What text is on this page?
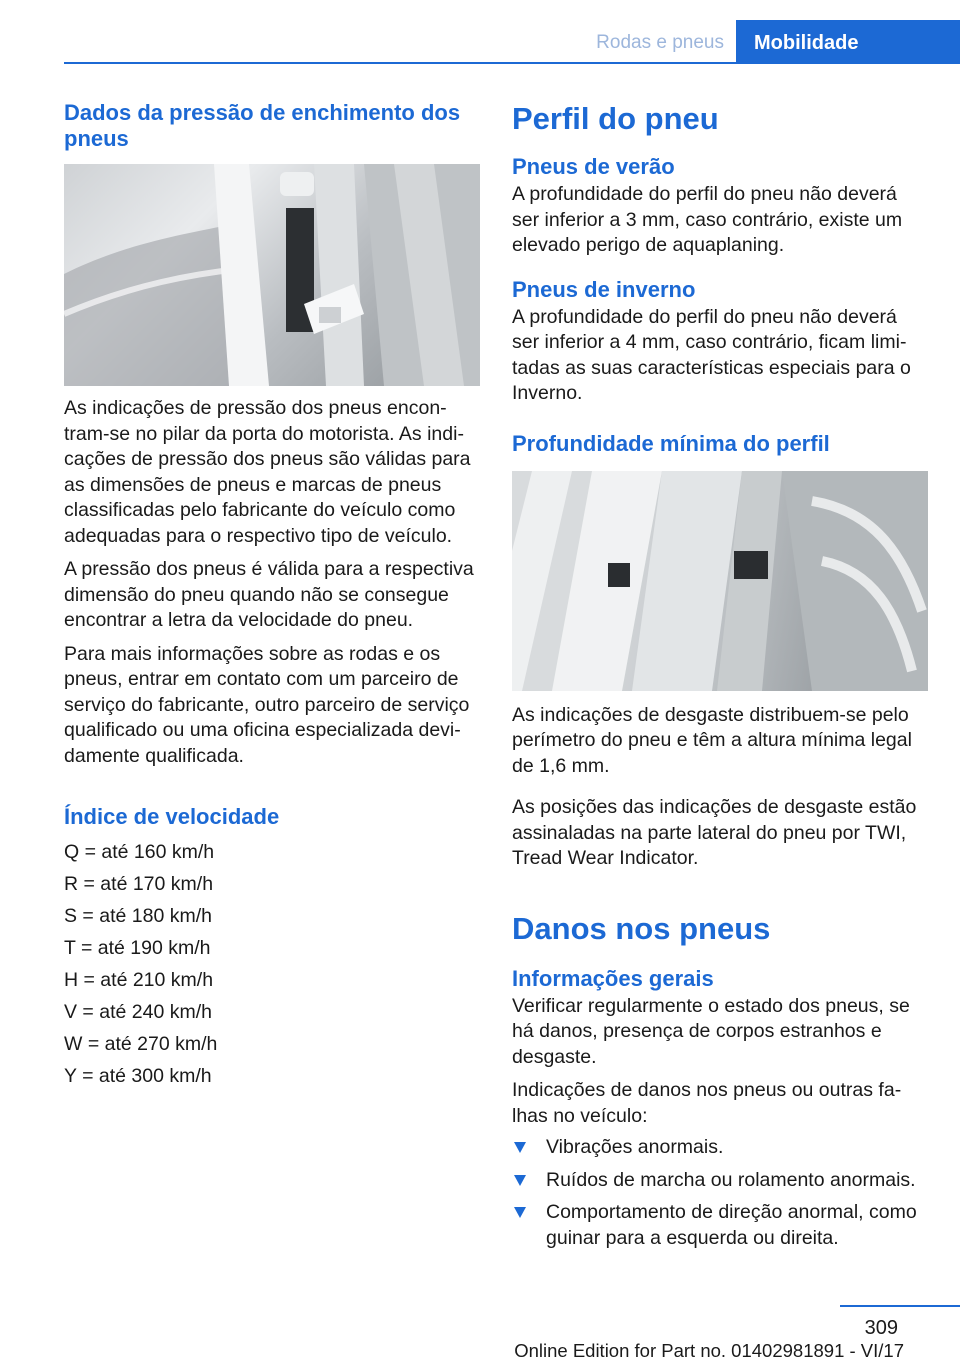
Rodas e pneus	Mobilidade
Dados da pressão de enchimento dos pneus

As indicações de pressão dos pneus encontram-se no pilar da porta do motorista. As indicações de pressão dos pneus são válidas para as dimensões de pneus e marcas de pneus classificadas pelo fabricante do veículo como adequadas para o respectivo tipo de veículo.

A pressão dos pneus é válida para a respectiva dimensão do pneu quando não se consegue encontrar a letra da velocidade do pneu.

Para mais informações sobre as rodas e os pneus, entrar em contato com um parceiro de serviço do fabricante, outro parceiro de serviço qualificado ou uma oficina especializada devidamente qualificada.

Índice de velocidade

Q = até 160 km/h

R = até 170 km/h

S = até 180 km/h

T = até 190 km/h

H = até 210 km/h

V = até 240 km/h

W = até 270 km/h

Y = até 300 km/h

Perfil do pneu
Pneus de verão

A profundidade do perfil do pneu não deverá ser inferior a 3 mm, caso contrário, existe um elevado perigo de aquaplaning.

Pneus de inverno

A profundidade do perfil do pneu não deverá ser inferior a 4 mm, caso contrário, ficam limitadas as suas características especiais para o Inverno.

Profundidade mínima do perfil

As indicações de desgaste distribuem-se pelo perímetro do pneu e têm a altura mínima legal de 1,6 mm.

As posições das indicações de desgaste estão assinaladas na parte lateral do pneu por TWI, Tread Wear Indicator.

Danos nos pneus
Informações gerais

Verificar regularmente o estado dos pneus, se há danos, presença de corpos estranhos e desgaste.

Indicações de danos nos pneus ou outras falhas no veículo:

Vibrações anormais.
Ruídos de marcha ou rolamento anormais.
Comportamento de direção anormal, como guinar para a esquerda ou direita.
309
Online Edition for Part no. 01402981891 - VI/17
